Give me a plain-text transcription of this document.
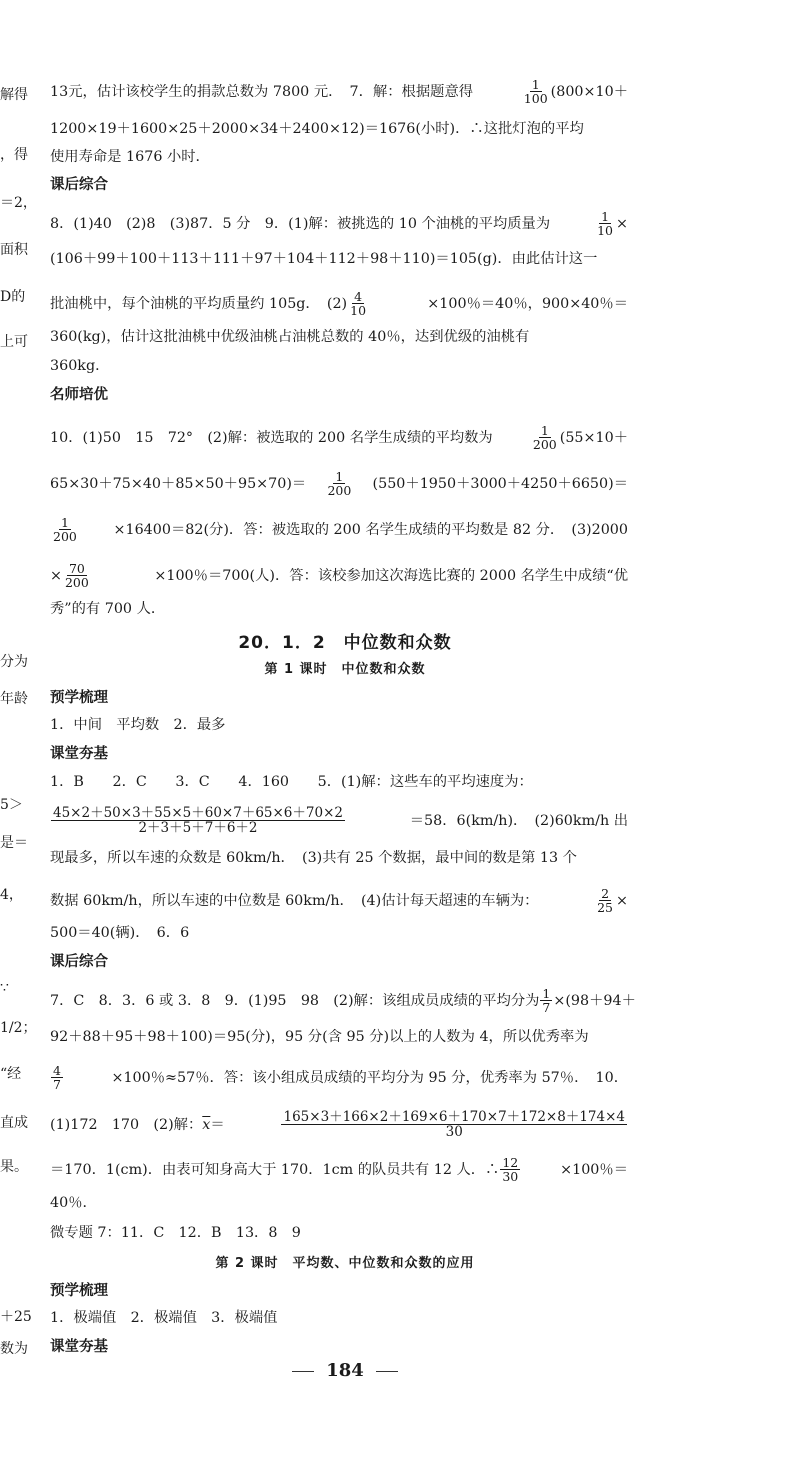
解得

，得

＝2，

面积

D的

上可

分为

年龄

5＞

是＝

4，

∵

1/2；

“经

直成

果。

＋25

数为

13元，估计该校学生的捐款总数为 7800 元．　7．解：根据题意得	$\frac{1}{100} (800\times 10+$

1200×19＋1600×25＋2000×34＋2400×12)＝1676(小时)．∴这批灯泡的平均

使用寿命是 1676 小时．

课后综合

8．(1)40　(2)8　(3)87．5 分　9．(1)解：被挑选的 10 个油桃的平均质量为	$\frac{1}{10}$ ×

(106＋99＋100＋113＋111＋97＋104＋112＋98＋110)＝105(g)．由此估计这一

批油桃中，每个油桃的平均质量约 105g．　$(2) \frac{4}{10}$	×100％＝40％，900×40％＝

360(kg)，估计这批油桃中优级油桃占油桃总数的 40％，达到优级的油桃有

360kg．

名师培优

10．(1)50　15　72°　(2)解：被选取的 200 名学生成绩的平均数为	$\frac{1}{200} (55\times 10+$

$65\times 30+75\times 40+85\times 50+95\times 70)= \frac{1}{200} (550+1950+3000+4250+6650)=$

$\frac{1}{200} \times 16400=82$(分)．答：被选取的 200 名学生成绩的平均数是 82 分．　(3)2000

× $\frac{70}{200}$	×100％＝700(人)．答：该校参加这次海选比赛的 2000 名学生中成绩“优

秀”的有 700 人．

20．1．2　中位数和众数

第 1 课时　中位数和众数

预学梳理

1．中间　平均数　2．最多

课堂夯基

1．B　　2．C　　3．C　　4．160　　5．(1)解：这些车的平均速度为：

$\frac{45\times 2+50\times 3+55\times 5+60\times 7+65\times 6+70\times 2}{2+3+5+7+6+2}$	＝58．6(km/h)．　(2)60km/h 出

现最多，所以车速的众数是 60km/h．　(3)共有 25 个数据，最中间的数是第 13 个

数据 60km/h，所以车速的中位数是 60km/h．　(4)估计每天超速的车辆为：	$\frac{2}{25}$ ×

500＝40(辆)．　6．6

课后综合

7．C　8．3．6 或 3．8　9．(1)95　98　(2)解：该组成员成绩的平均分为 $\frac{1}{7} \times(98+94+$

92＋88＋95＋98＋100)＝95(分)，95 分(含 95 分)以上的人数为 4，所以优秀率为

$\frac{4}{7}$	×100％≈57％．答：该小组成员成绩的平均分为 95 分，优秀率为 57％．　10．

(1)172　170　(2)解： $\overline{x}$ ＝	$\frac{165\times 3+166\times 2+169\times 6+170\times 7+172\times 8+174\times 4}{30}$

＝170．1(cm)．由表可知身高大于 170．1cm 的队员共有 12 人．∴ $\frac{12}{30}$	×100％＝

40％．

微专题 7：11．C　12．B　13．8　9

第 2 课时　平均数、中位数和众数的应用

预学梳理

1．极端值　2．极端值　3．极端值

课堂夯基

184
